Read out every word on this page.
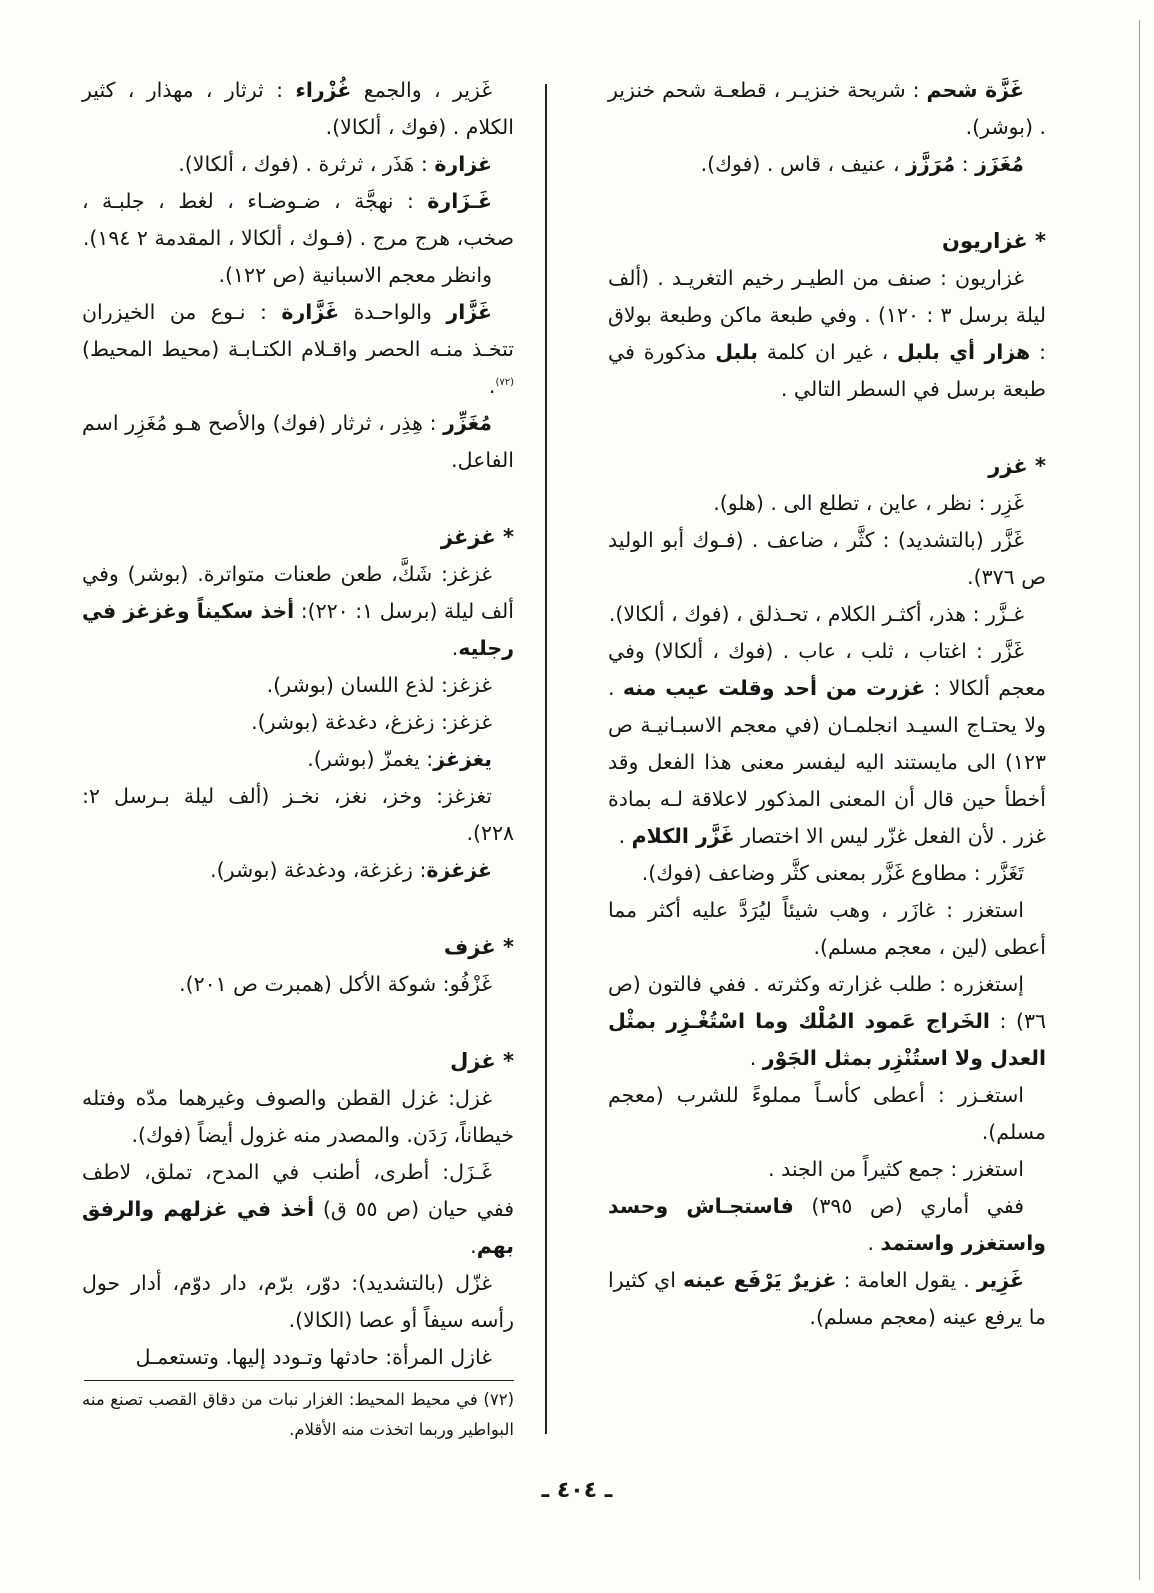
غَزَّة شحم : شريحة خنزيـر ، قطعـة شحم خنزير . (بوشر).

مُغَزَز : مُرَزَّز ، عنيف ، قاس . (فوك).

* غزاريون

غزاريون : صنف من الطيـر رخيم التغريـد . (ألف ليلة برسل ٣ : ١٢٠) . وفي طبعة ماكن وطبعة بولاق : هزار أي بلبل ، غير ان كلمة بلبل مذكورة في طبعة برسل في السطر التالي .

* غزر

غَزِر : نظر ، عاين ، تطلع الى . (هلو).

غَزَّر (بالتشديد) : كثَّر ، ضاعف . (فـوك أبو الوليد ص ٣٧٦).

غـزَّر : هذر، أكثـر الكلام ، تحـذلق ، (فوك ، ألكالا).

غَزَّر : اغتاب ، ثلب ، عاب . (فوك ، ألكالا) وفي معجم ألكالا : غزرت من أحد وقلت عيب منه . ولا يحتـاج السيـد انجلمـان (في معجم الاسبـانيـة ص ١٢٣) الى مايستند اليه ليفسر معنى هذا الفعل وقد أخطأ حين قال أن المعنى المذكور لاعلاقة لـه بمادة غزر . لأن الفعل غزّر ليس الا اختصار غَزَّر الكلام .

تَغَزَّر : مطاوع غَزَّر بمعنى كثَّر وضاعف (فوك).

استغزر : غازَر ، وهب شيئاً ليُرَدَّ عليه أكثر مما أعطى (لين ، معجم مسلم).

إستغزره : طلب غزارته وكثرته . ففي فالتون (ص ٣٦) : الخَراج عَمود المُلْك وما اسْتُغْـزِر بمثْل العدل ولا استُنْزِر بمثل الجَوْر .

استغـزر : أعطى كأسـاً مملوءً للشرب (معجم مسلم).

استغزر : جمع كثيراً من الجند .

ففي أماري (ص ٣٩٥) فاستجـاش وحسد واستغزر واستمد .

غَزِير . يقول العامة : غزيرٌ يَرْفَع عينه اي كثيرا ما يرفع عينه (معجم مسلم).

غَزير ، والجمع غُزْراء : ثرثار ، مهذار ، كثير الكلام . (فوك ، ألكالا).

غزارة : هَذَر ، ثرثرة . (فوك ، ألكالا).

غَـزَارة : نهجَّة ، ضـوضـاء ، لغط ، جلبـة ، صخب، هرج مرج . (فـوك ، ألكالا ، المقدمة ٢ ١٩٤).

وانظر معجم الاسبانية (ص ١٢٢).

غَزَّار والواحـدة غَزَّارة : نـوع من الخيزران تتخـذ منـه الحصر واقـلام الكتـابـة (محيط المحيط)$^{(٧٢)}$.

مُغَزِّر : هِذِر ، ثرثار (فوك) والأصح هـو مُغَزِر اسم الفاعل.

* غزغز

غزغز: شَكَّ، طعن طعنات متواترة. (بوشر) وفي ألف ليلة (برسل ١: ٢٢٠): أخذ سكيناً وغزغز في رجليه.

غزغز: لذع اللسان (بوشر).

غزغز: زغزغ، دغدغة (بوشر).

يغزغز: يغمزّ (بوشر).

تغزغز: وخز، نغز، نخـز (ألف ليلة بـرسل ٢: ٢٢٨).

غزغزة: زغزغة، ودغدغة (بوشر).

* غزف

غَزْفُو: شوكة الأكل (همبرت ص ٢٠١).

* غزل

غزل: غزل القطن والصوف وغيرهما مدّه وفتله خيطاناً، رَدَن. والمصدر منه غزول أيضاً (فوك).

غَـزَل: أطرى، أطنب في المدح، تملق، لاطف ففي حيان (ص ٥٥ ق) أخذ في غزلهم والرفق بهم.

غزّل (بالتشديد): دوّر، برّم، دار دوّم، أدار حول رأسه سيفاً أو عصا (الكالا).

غازل المرأة: حادثها وتـودد إليها. وتستعمـل

(٧٢) في محيط المحيط: الغزار نبات من دقاق القصب تصنع منه البواطير وربما اتخذت منه الأقلام.

ـ ٤٠٤ ـ
